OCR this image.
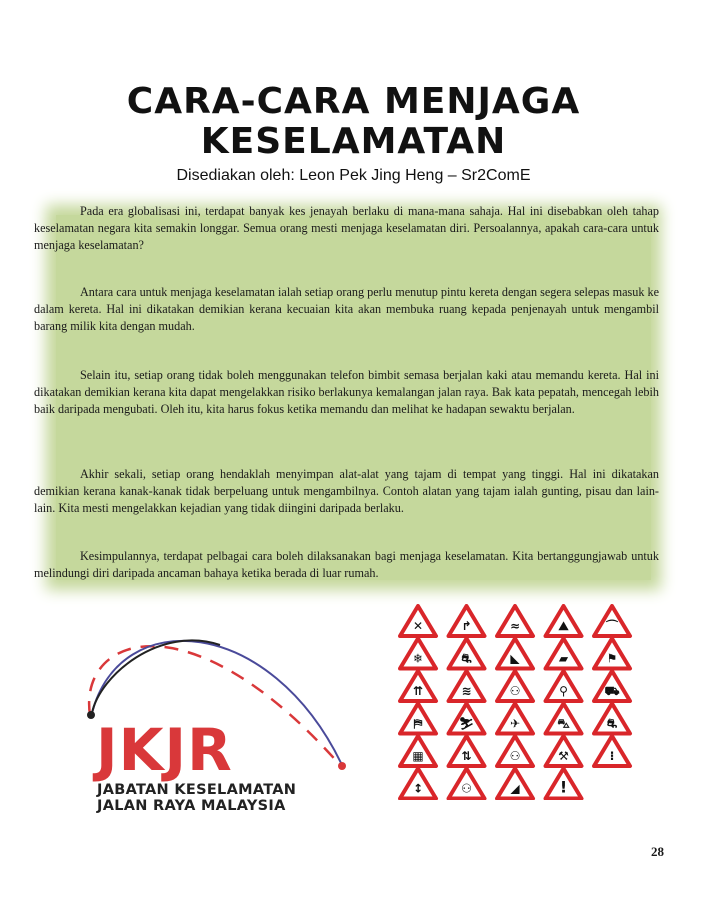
CARA-CARA MENJAGA
KESELAMATAN
Disediakan oleh: Leon Pek Jing Heng – Sr2ComE

Pada era globalisasi ini, terdapat banyak kes jenayah berlaku di mana-mana sahaja. Hal ini disebabkan oleh tahap keselamatan negara kita semakin longgar. Semua orang mesti menjaga keselamatan diri. Persoalannya, apakah cara-cara untuk menjaga keselamatan?

Antara cara untuk menjaga keselamatan ialah setiap orang perlu menutup pintu kereta dengan segera selepas masuk ke dalam kereta. Hal ini dikatakan demikian kerana kecuaian kita akan membuka ruang kepada penjenayah untuk mengambil barang milik kita dengan mudah.

Selain itu, setiap orang tidak boleh menggunakan telefon bimbit semasa berjalan kaki atau memandu kereta. Hal ini dikatakan demikian kerana kita dapat mengelakkan risiko berlakunya kemalangan jalan raya. Bak kata pepatah, mencegah lebih baik daripada mengubati. Oleh itu, kita harus fokus ketika memandu dan melihat ke hadapan sewaktu berjalan.

Akhir sekali, setiap orang hendaklah menyimpan alat-alat yang tajam di tempat yang tinggi. Hal ini dikatakan demikian kerana kanak-kanak tidak berpeluang untuk mengambilnya. Contoh alatan yang tajam ialah gunting, pisau dan lain-lain. Kita mesti mengelakkan kejadian yang tidak diingini daripada berlaku.

Kesimpulannya, terdapat pelbagai cara boleh dilaksanakan bagi menjaga keselamatan. Kita bertanggungjawab untuk melindungi diri daripada ancaman bahaya ketika berada di luar rumah.

JKJR
JABATAN KESELAMATAN
JALAN RAYA MALAYSIA
✕	↱	≈	⛰	⌒
❄	⛐	◣	▰	⚑
⇈	≋	⚇	⚲	⛟
⛿	⛷	✈	⛍	⛐
▦	⇅	⚇	⚒	⁝
↕	⚇	◢	!
28
